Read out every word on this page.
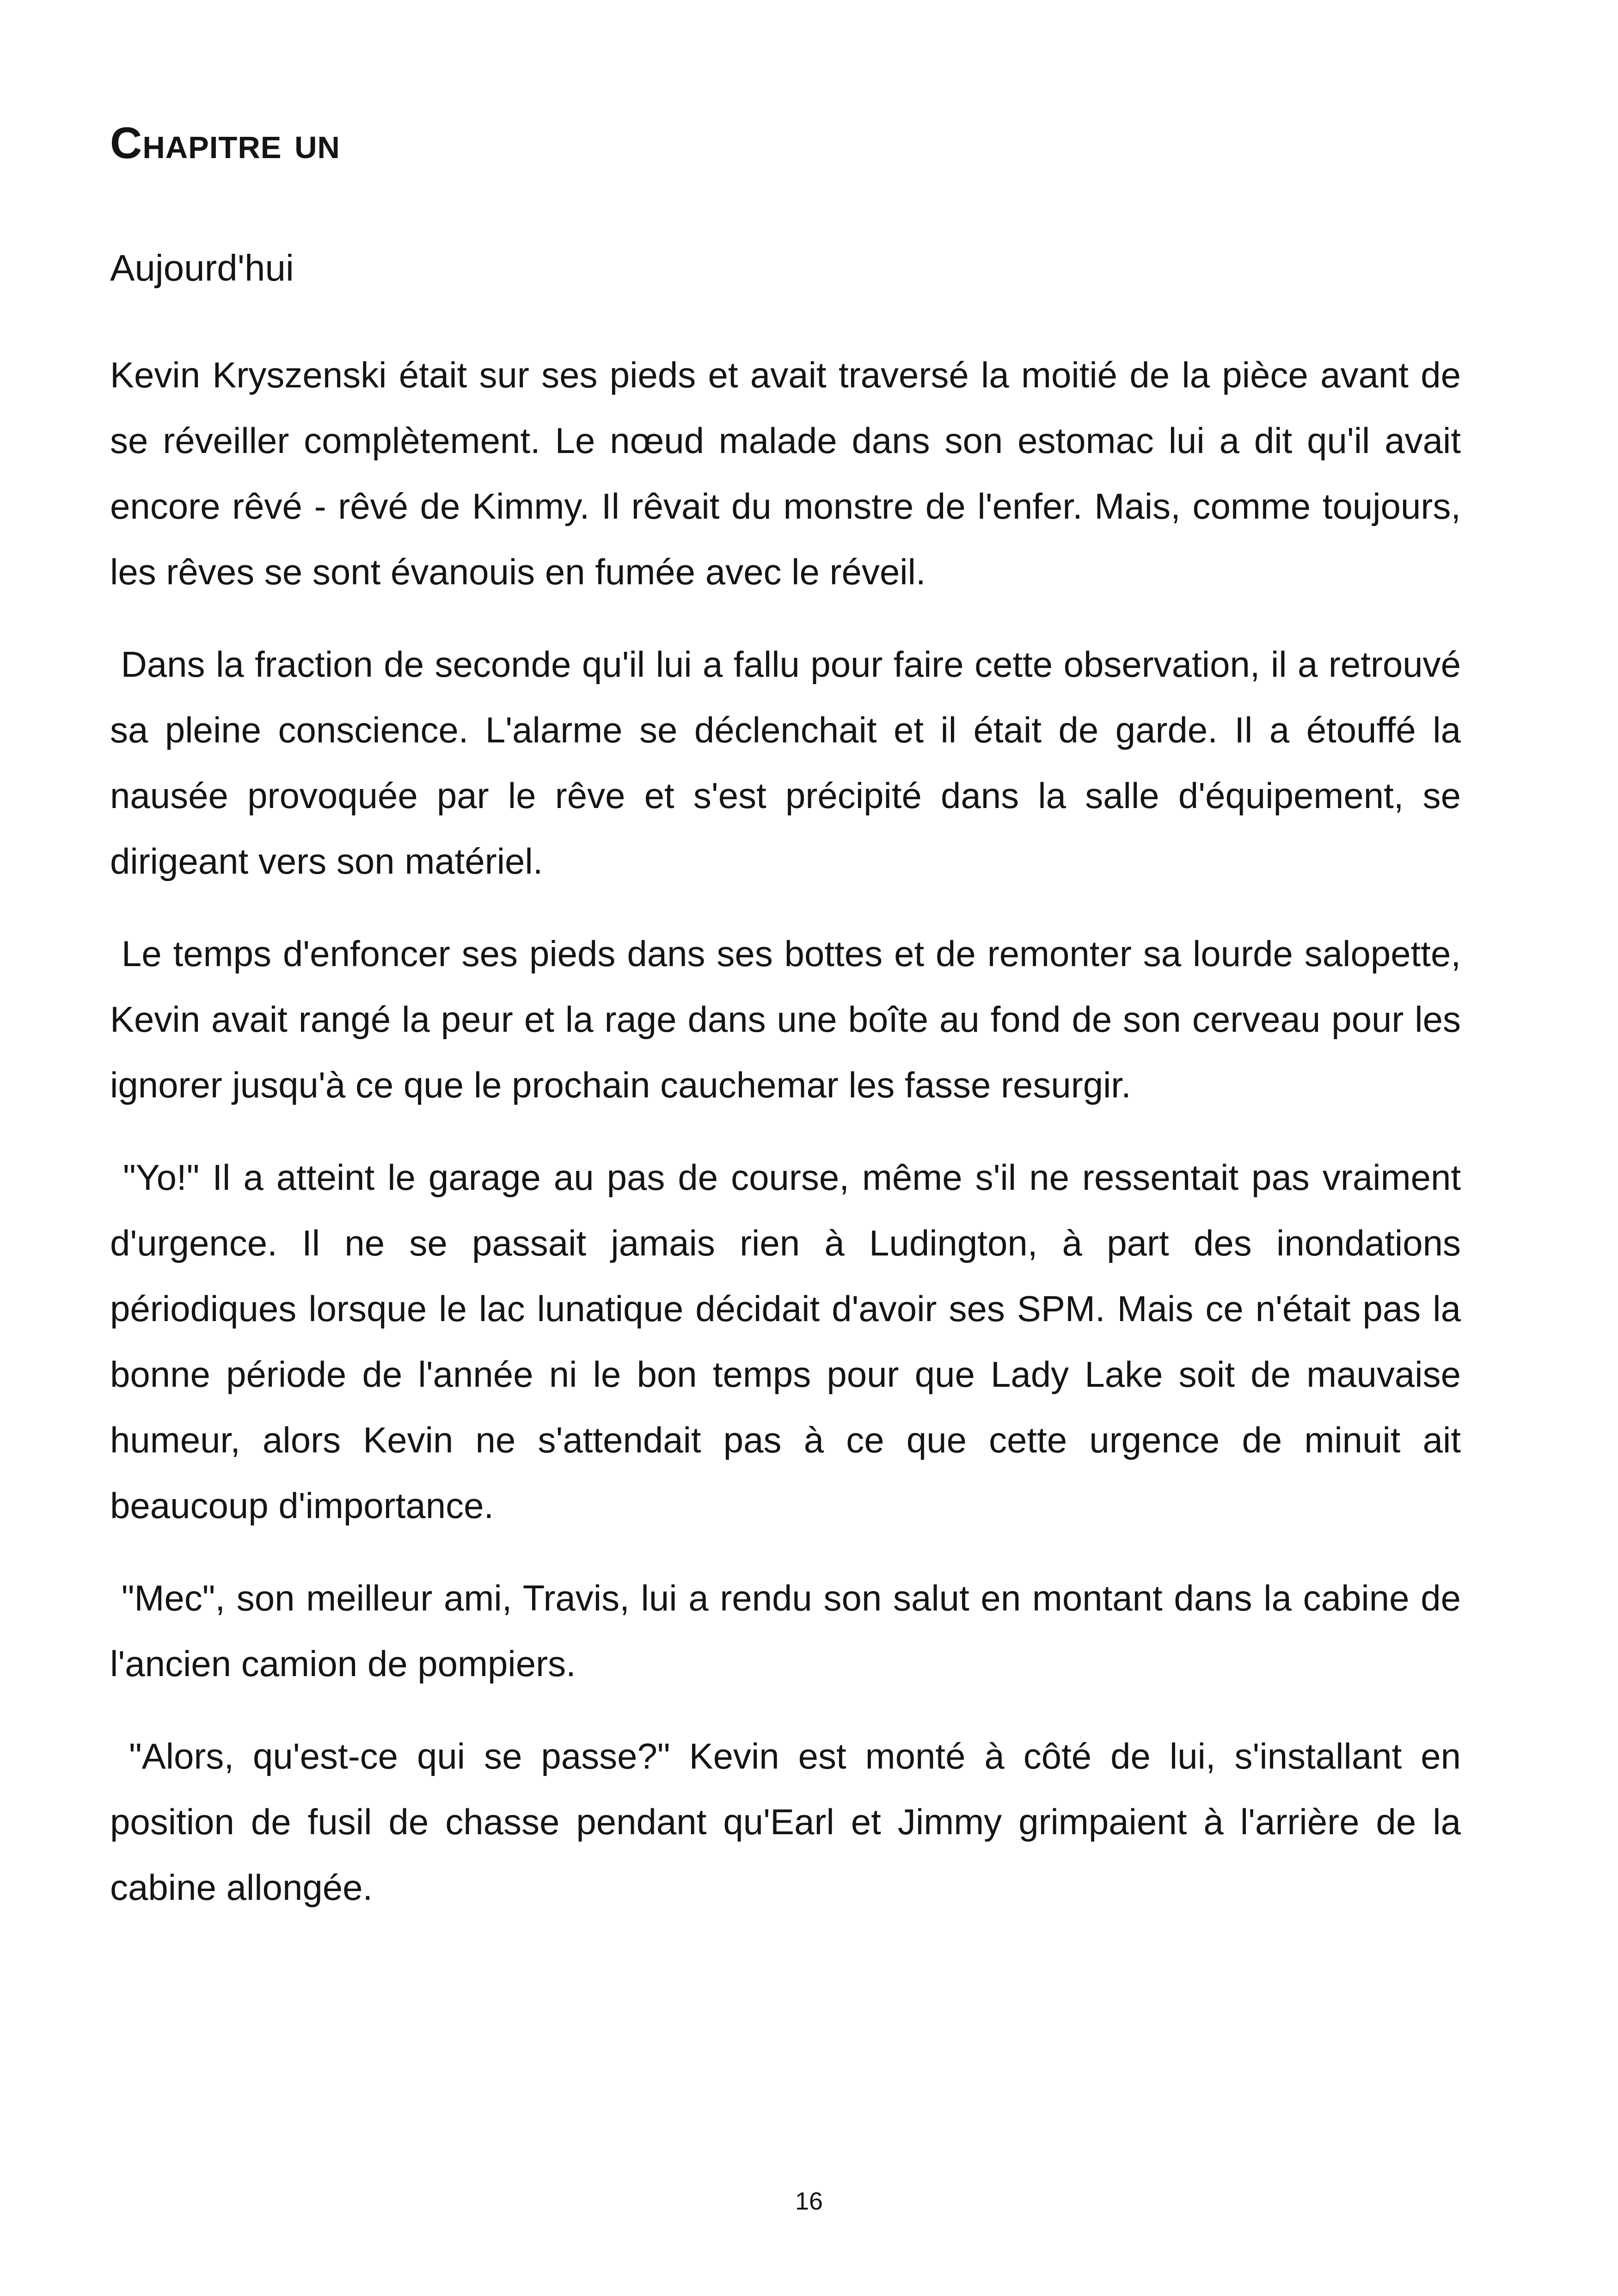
Chapitre un
Aujourd'hui

Kevin Kryszenski était sur ses pieds et avait traversé la moitié de la pièce avant de se réveiller complètement. Le nœud malade dans son estomac lui a dit qu'il avait encore rêvé - rêvé de Kimmy. Il rêvait du monstre de l'enfer. Mais, comme toujours, les rêves se sont évanouis en fumée avec le réveil.

Dans la fraction de seconde qu'il lui a fallu pour faire cette observation, il a retrouvé sa pleine conscience. L'alarme se déclenchait et il était de garde. Il a étouffé la nausée provoquée par le rêve et s'est précipité dans la salle d'équipement, se dirigeant vers son matériel.

Le temps d'enfoncer ses pieds dans ses bottes et de remonter sa lourde salopette, Kevin avait rangé la peur et la rage dans une boîte au fond de son cerveau pour les ignorer jusqu'à ce que le prochain cauchemar les fasse resurgir.

"Yo!" Il a atteint le garage au pas de course, même s'il ne ressentait pas vraiment d'urgence. Il ne se passait jamais rien à Ludington, à part des inondations périodiques lorsque le lac lunatique décidait d'avoir ses SPM. Mais ce n'était pas la bonne période de l'année ni le bon temps pour que Lady Lake soit de mauvaise humeur, alors Kevin ne s'attendait pas à ce que cette urgence de minuit ait beaucoup d'importance.

"Mec", son meilleur ami, Travis, lui a rendu son salut en montant dans la cabine de l'ancien camion de pompiers.

"Alors, qu'est-ce qui se passe?" Kevin est monté à côté de lui, s'installant en position de fusil de chasse pendant qu'Earl et Jimmy grimpaient à l'arrière de la cabine allongée.

16
